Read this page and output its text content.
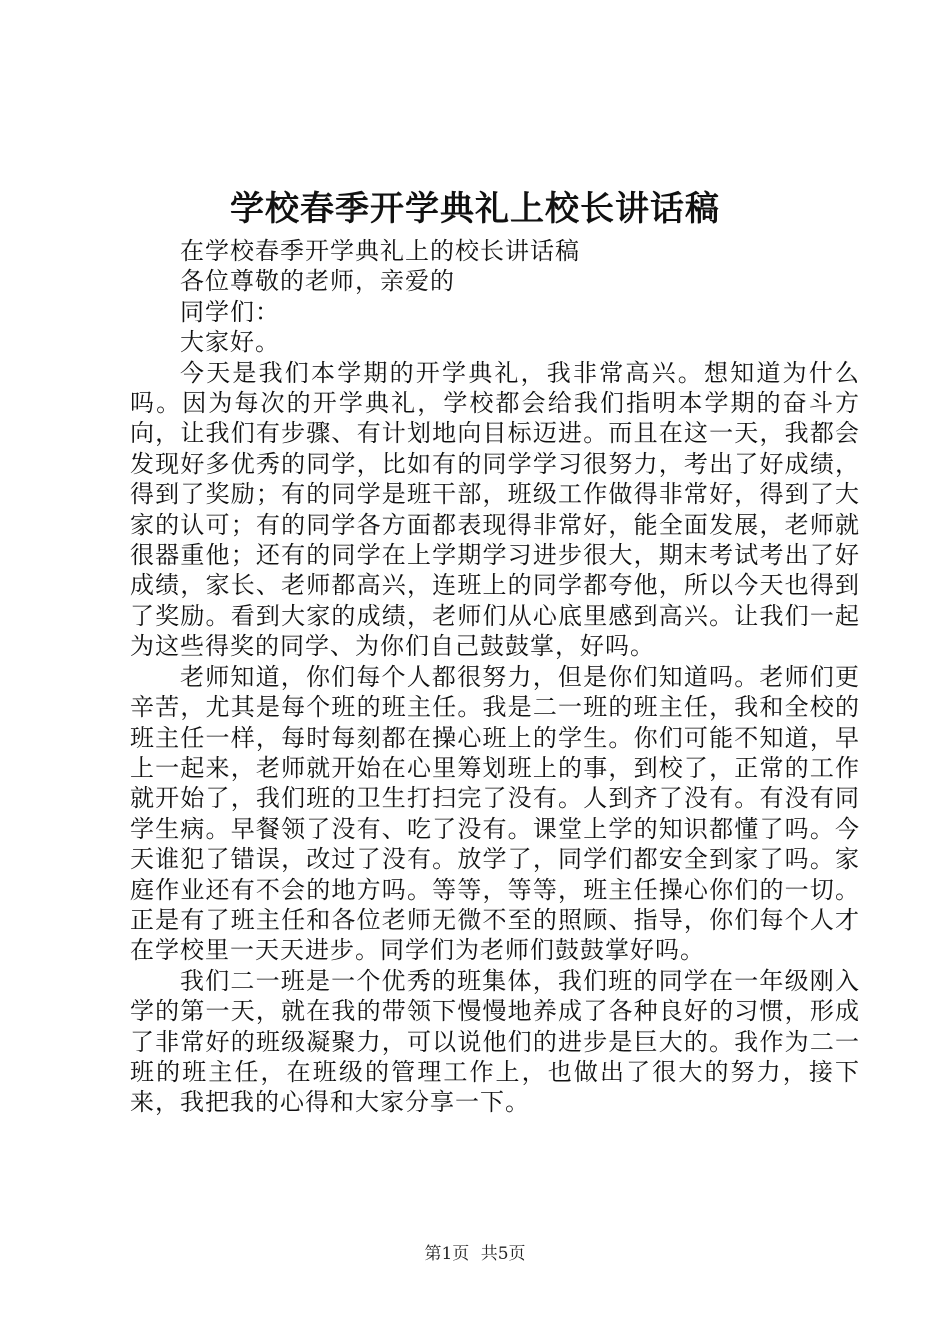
学校春季开学典礼上校长讲话稿

在学校春季开学典礼上的校长讲话稿

各位尊敬的老师，亲爱的

同学们：

大家好。

今天是我们本学期的开学典礼，我非常高兴。想知道为什么吗。因为每次的开学典礼，学校都会给我们指明本学期的奋斗方向，让我们有步骤、有计划地向目标迈进。而且在这一天，我都会发现好多优秀的同学，比如有的同学学习很努力，考出了好成绩，得到了奖励；有的同学是班干部，班级工作做得非常好，得到了大家的认可；有的同学各方面都表现得非常好，能全面发展，老师就很器重他；还有的同学在上学期学习进步很大，期末考试考出了好成绩，家长、老师都高兴，连班上的同学都夸他，所以今天也得到了奖励。看到大家的成绩，老师们从心底里感到高兴。让我们一起为这些得奖的同学、为你们自己鼓鼓掌，好吗。

老师知道，你们每个人都很努力，但是你们知道吗。老师们更辛苦，尤其是每个班的班主任。我是二一班的班主任，我和全校的班主任一样，每时每刻都在操心班上的学生。你们可能不知道，早上一起来，老师就开始在心里筹划班上的事，到校了，正常的工作就开始了，我们班的卫生打扫完了没有。人到齐了没有。有没有同学生病。早餐领了没有、吃了没有。课堂上学的知识都懂了吗。今天谁犯了错误，改过了没有。放学了，同学们都安全到家了吗。家庭作业还有不会的地方吗。等等，等等，班主任操心你们的一切。正是有了班主任和各位老师无微不至的照顾、指导，你们每个人才在学校里一天天进步。同学们为老师们鼓鼓掌好吗。

我们二一班是一个优秀的班集体，我们班的同学在一年级刚入学的第一天，就在我的带领下慢慢地养成了各种良好的习惯，形成了非常好的班级凝聚力，可以说他们的进步是巨大的。我作为二一班的班主任，在班级的管理工作上，也做出了很大的努力，接下来，我把我的心得和大家分享一下。

第1页 共5页
